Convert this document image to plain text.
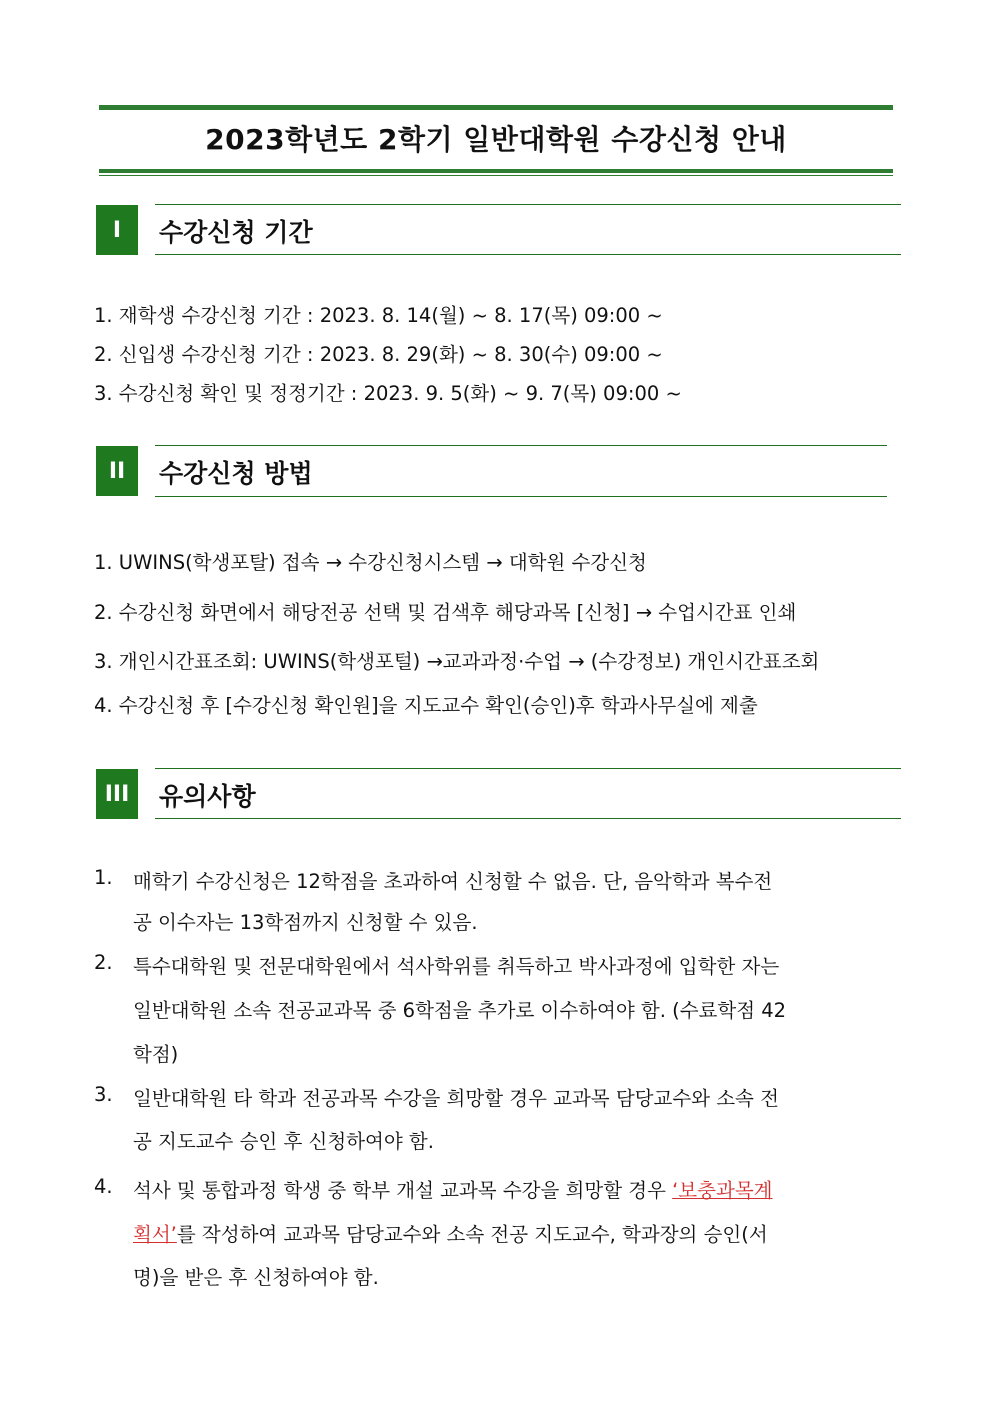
2023학년도 2학기 일반대학원 수강신청 안내
I	수강신청 기간
1. 재학생 수강신청 기간 : 2023. 8. 14(월) ~ 8. 17(목) 09:00 ~
2. 신입생 수강신청 기간 : 2023. 8. 29(화) ~ 8. 30(수) 09:00 ~
3. 수강신청 확인 및 정정기간 : 2023. 9. 5(화) ~ 9. 7(목) 09:00 ~
II	수강신청 방법
1. UWINS(학생포탈) 접속 → 수강신청시스템 → 대학원 수강신청
2. 수강신청 화면에서 해당전공 선택 및 검색후 해당과목 [신청] → 수업시간표 인쇄
3. 개인시간표조회: UWINS(학생포털) →교과과정·수업 → (수강정보) 개인시간표조회
4. 수강신청 후 [수강신청 확인원]을 지도교수 확인(승인)후 학과사무실에 제출
III	유의사항
1. 매학기 수강신청은 12학점을 초과하여 신청할 수 없음. 단, 음악학과 복수전
공 이수자는 13학점까지 신청할 수 있음.
2. 특수대학원 및 전문대학원에서 석사학위를 취득하고 박사과정에 입학한 자는
일반대학원 소속 전공교과목 중 6학점을 추가로 이수하여야 함. (수료학점 42
학점)
3. 일반대학원 타 학과 전공과목 수강을 희망할 경우 교과목 담당교수와 소속 전
공 지도교수 승인 후 신청하여야 함.
4. 석사 및 통합과정 학생 중 학부 개설 교과목 수강을 희망할 경우 ‘보충과목계
획서’를 작성하여 교과목 담당교수와 소속 전공 지도교수, 학과장의 승인(서
명)을 받은 후 신청하여야 함.
